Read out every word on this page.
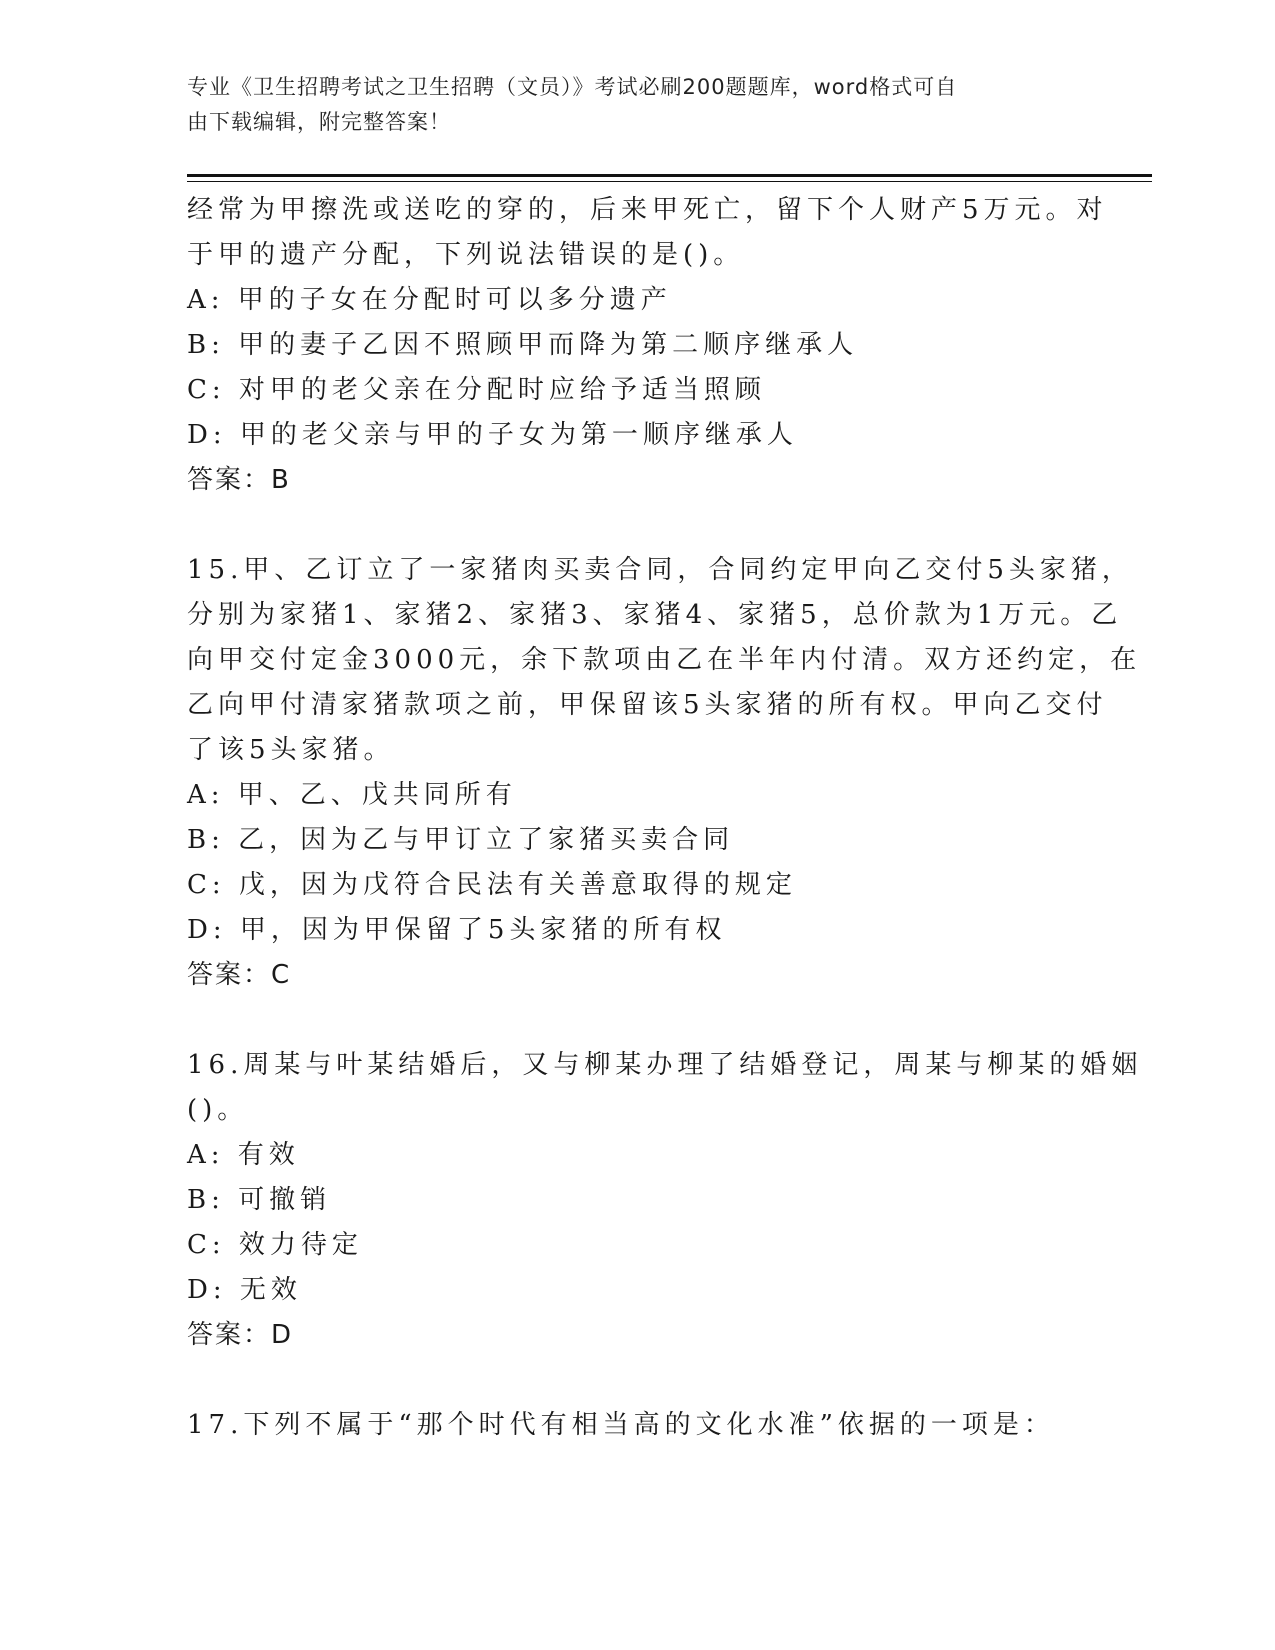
专业《卫生招聘考试之卫生招聘（文员）》考试必刷200题题库，word格式可自
由下载编辑，附完整答案！
经常为甲擦洗或送吃的穿的，后来甲死亡，留下个人财产5万元。对
于甲的遗产分配，下列说法错误的是()。
A: 甲的子女在分配时可以多分遗产
B: 甲的妻子乙因不照顾甲而降为第二顺序继承人
C: 对甲的老父亲在分配时应给予适当照顾
D: 甲的老父亲与甲的子女为第一顺序继承人
答案：B
15.甲、乙订立了一家猪肉买卖合同，合同约定甲向乙交付5头家猪，
分别为家猪1、家猪2、家猪3、家猪4、家猪5，总价款为1万元。乙
向甲交付定金3000元，余下款项由乙在半年内付清。双方还约定，在
乙向甲付清家猪款项之前，甲保留该5头家猪的所有权。甲向乙交付
了该5头家猪。
A: 甲、乙、戊共同所有
B: 乙，因为乙与甲订立了家猪买卖合同
C: 戊，因为戊符合民法有关善意取得的规定
D: 甲，因为甲保留了5头家猪的所有权
答案：C
16.周某与叶某结婚后，又与柳某办理了结婚登记，周某与柳某的婚姻
()。
A: 有效
B: 可撤销
C: 效力待定
D: 无效
答案：D
17.下列不属于“那个时代有相当高的文化水准”依据的一项是：
